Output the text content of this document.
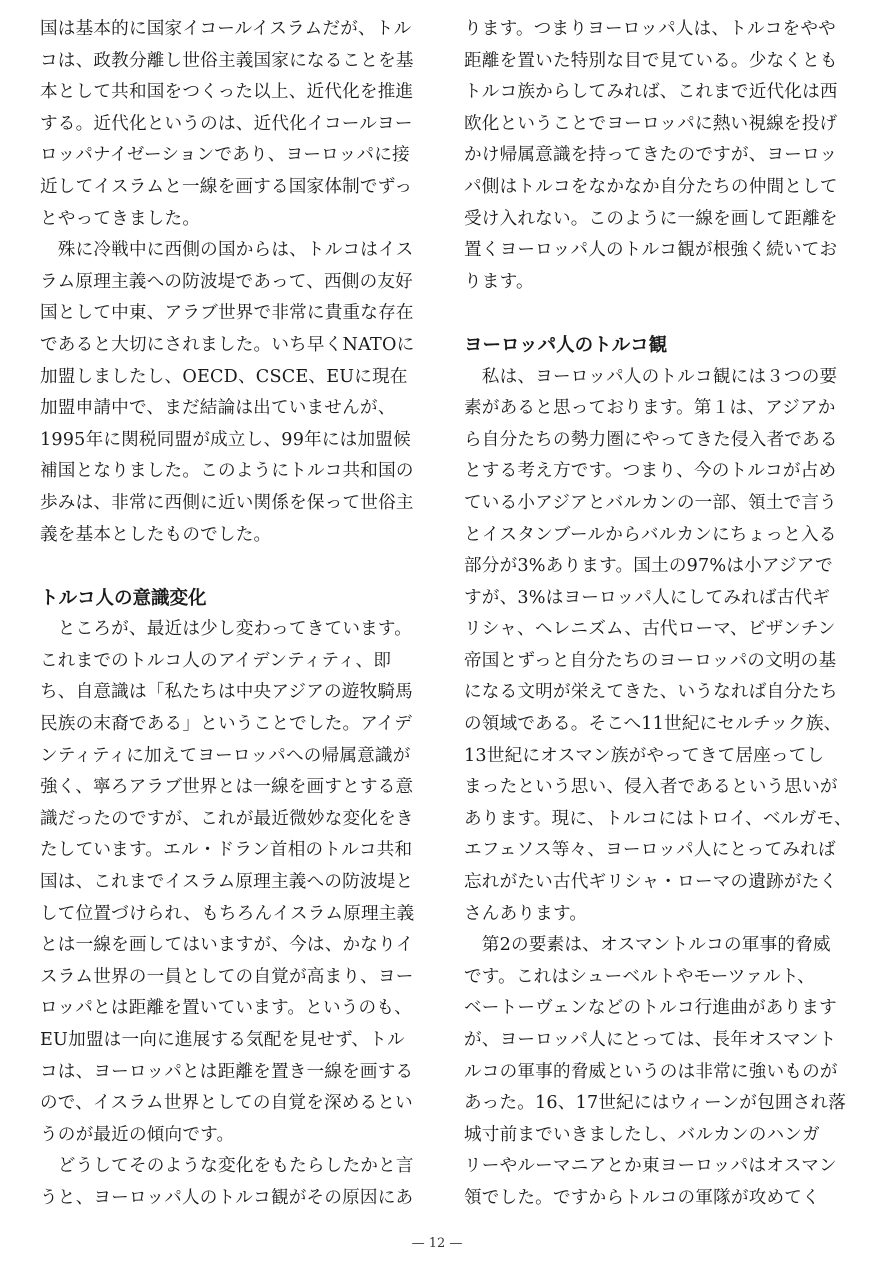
国は基本的に国家イコールイスラムだが、トル
コは、政教分離し世俗主義国家になることを基
本として共和国をつくった以上、近代化を推進
する。近代化というのは、近代化イコールヨー
ロッパナイゼーションであり、ヨーロッパに接
近してイスラムと一線を画する国家体制でずっ
とやってきました。
　殊に冷戦中に西側の国からは、トルコはイス
ラム原理主義への防波堤であって、西側の友好
国として中東、アラブ世界で非常に貴重な存在
であると大切にされました。いち早くNATOに
加盟しましたし、OECD、CSCE、EUに現在
加盟申請中で、まだ結論は出ていませんが、
1995年に関税同盟が成立し、99年には加盟候
補国となりました。このようにトルコ共和国の
歩みは、非常に西側に近い関係を保って世俗主
義を基本としたものでした。
トルコ人の意識変化
　ところが、最近は少し変わってきています。
これまでのトルコ人のアイデンティティ、即
ち、自意識は「私たちは中央アジアの遊牧騎馬
民族の末裔である」ということでした。アイデ
ンティティに加えてヨーロッパへの帰属意識が
強く、寧ろアラブ世界とは一線を画すとする意
識だったのですが、これが最近微妙な変化をき
たしています。エル・ドラン首相のトルコ共和
国は、これまでイスラム原理主義への防波堤と
して位置づけられ、もちろんイスラム原理主義
とは一線を画してはいますが、今は、かなりイ
スラム世界の一員としての自覚が高まり、ヨー
ロッパとは距離を置いています。というのも、
EU加盟は一向に進展する気配を見せず、トル
コは、ヨーロッパとは距離を置き一線を画する
ので、イスラム世界としての自覚を深めるとい
うのが最近の傾向です。
　どうしてそのような変化をもたらしたかと言
うと、ヨーロッパ人のトルコ観がその原因にあ
ります。つまりヨーロッパ人は、トルコをやや
距離を置いた特別な目で見ている。少なくとも
トルコ族からしてみれば、これまで近代化は西
欧化ということでヨーロッパに熱い視線を投げ
かけ帰属意識を持ってきたのですが、ヨーロッ
パ側はトルコをなかなか自分たちの仲間として
受け入れない。このように一線を画して距離を
置くヨーロッパ人のトルコ観が根強く続いてお
ります。
ヨーロッパ人のトルコ観
　私は、ヨーロッパ人のトルコ観には３つの要
素があると思っております。第１は、アジアか
ら自分たちの勢力圏にやってきた侵入者である
とする考え方です。つまり、今のトルコが占め
ている小アジアとバルカンの一部、領土で言う
とイスタンブールからバルカンにちょっと入る
部分が3%あります。国土の97%は小アジアで
すが、3%はヨーロッパ人にしてみれば古代ギ
リシャ、ヘレニズム、古代ローマ、ビザンチン
帝国とずっと自分たちのヨーロッパの文明の基
になる文明が栄えてきた、いうなれば自分たち
の領域である。そこへ11世紀にセルチック族、
13世紀にオスマン族がやってきて居座ってし
まったという思い、侵入者であるという思いが
あります。現に、トルコにはトロイ、ベルガモ、
エフェソス等々、ヨーロッパ人にとってみれば
忘れがたい古代ギリシャ・ローマの遺跡がたく
さんあります。
　第2の要素は、オスマントルコの軍事的脅威
です。これはシューベルトやモーツァルト、
ベートーヴェンなどのトルコ行進曲があります
が、ヨーロッパ人にとっては、長年オスマント
ルコの軍事的脅威というのは非常に強いものが
あった。16、17世紀にはウィーンが包囲され落
城寸前までいきましたし、バルカンのハンガ
リーやルーマニアとか東ヨーロッパはオスマン
領でした。ですからトルコの軍隊が攻めてく
— 12 —
